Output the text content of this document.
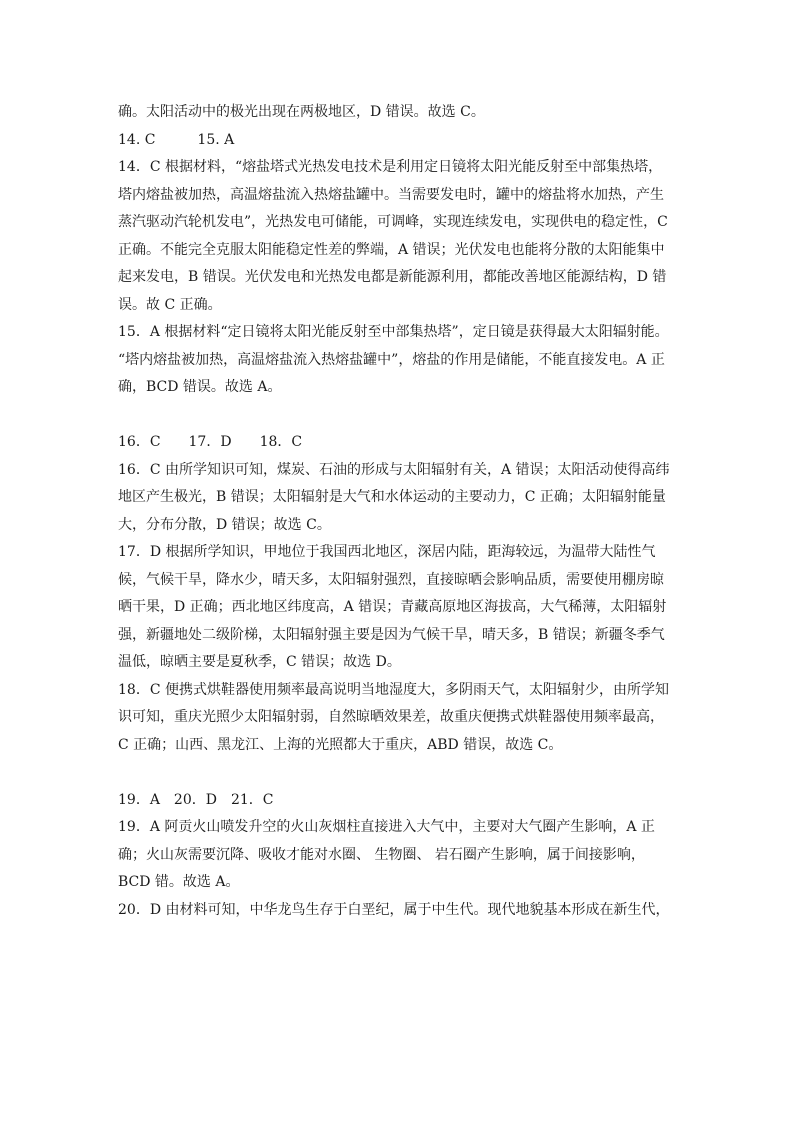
确。太阳活动中的极光出现在两极地区，D 错误。故选 C。

14. C　　　15. A

14．C 根据材料，“熔盐塔式光热发电技术是利用定日镜将太阳光能反射至中部集热塔，

塔内熔盐被加热，高温熔盐流入热熔盐罐中。当需要发电时，罐中的熔盐将水加热，产生

蒸汽驱动汽轮机发电”，光热发电可储能，可调峰，实现连续发电，实现供电的稳定性，C

正确。不能完全克服太阳能稳定性差的弊端，A 错误；光伏发电也能将分散的太阳能集中

起来发电，B 错误。光伏发电和光热发电都是新能源利用，都能改善地区能源结构，D 错

误。故 C 正确。

15．A 根据材料“定日镜将太阳光能反射至中部集热塔”，定日镜是获得最大太阳辐射能。

“塔内熔盐被加热，高温熔盐流入热熔盐罐中”，熔盐的作用是储能，不能直接发电。A 正

确，BCD 错误。故选 A。

16．C　　17．D　　18．C

16．C 由所学知识可知，煤炭、石油的形成与太阳辐射有关，A 错误；太阳活动使得高纬

地区产生极光，B 错误；太阳辐射是大气和水体运动的主要动力，C 正确；太阳辐射能量

大，分布分散，D 错误；故选 C。

17．D 根据所学知识，甲地位于我国西北地区，深居内陆，距海较远，为温带大陆性气

候，气候干旱，降水少，晴天多，太阳辐射强烈，直接晾晒会影响品质，需要使用棚房晾

晒干果，D 正确；西北地区纬度高，A 错误；青藏高原地区海拔高，大气稀薄，太阳辐射

强，新疆地处二级阶梯，太阳辐射强主要是因为气候干旱，晴天多，B 错误；新疆冬季气

温低，晾晒主要是夏秋季，C 错误；故选 D。

18．C 便携式烘鞋器使用频率最高说明当地湿度大，多阴雨天气，太阳辐射少，由所学知

识可知，重庆光照少太阳辐射弱，自然晾晒效果差，故重庆便携式烘鞋器使用频率最高，

C 正确；山西、黑龙江、上海的光照都大于重庆，ABD 错误，故选 C。

19．A　20．D　21．C

19．A 阿贡火山喷发升空的火山灰烟柱直接进入大气中，主要对大气圈产生影响，A 正

确；火山灰需要沉降、吸收才能对水圈、 生物圈、 岩石圈产生影响，属于间接影响，

BCD 错。故选 A。

20．D 由材料可知，中华龙鸟生存于白垩纪，属于中生代。现代地貌基本形成在新生代，
